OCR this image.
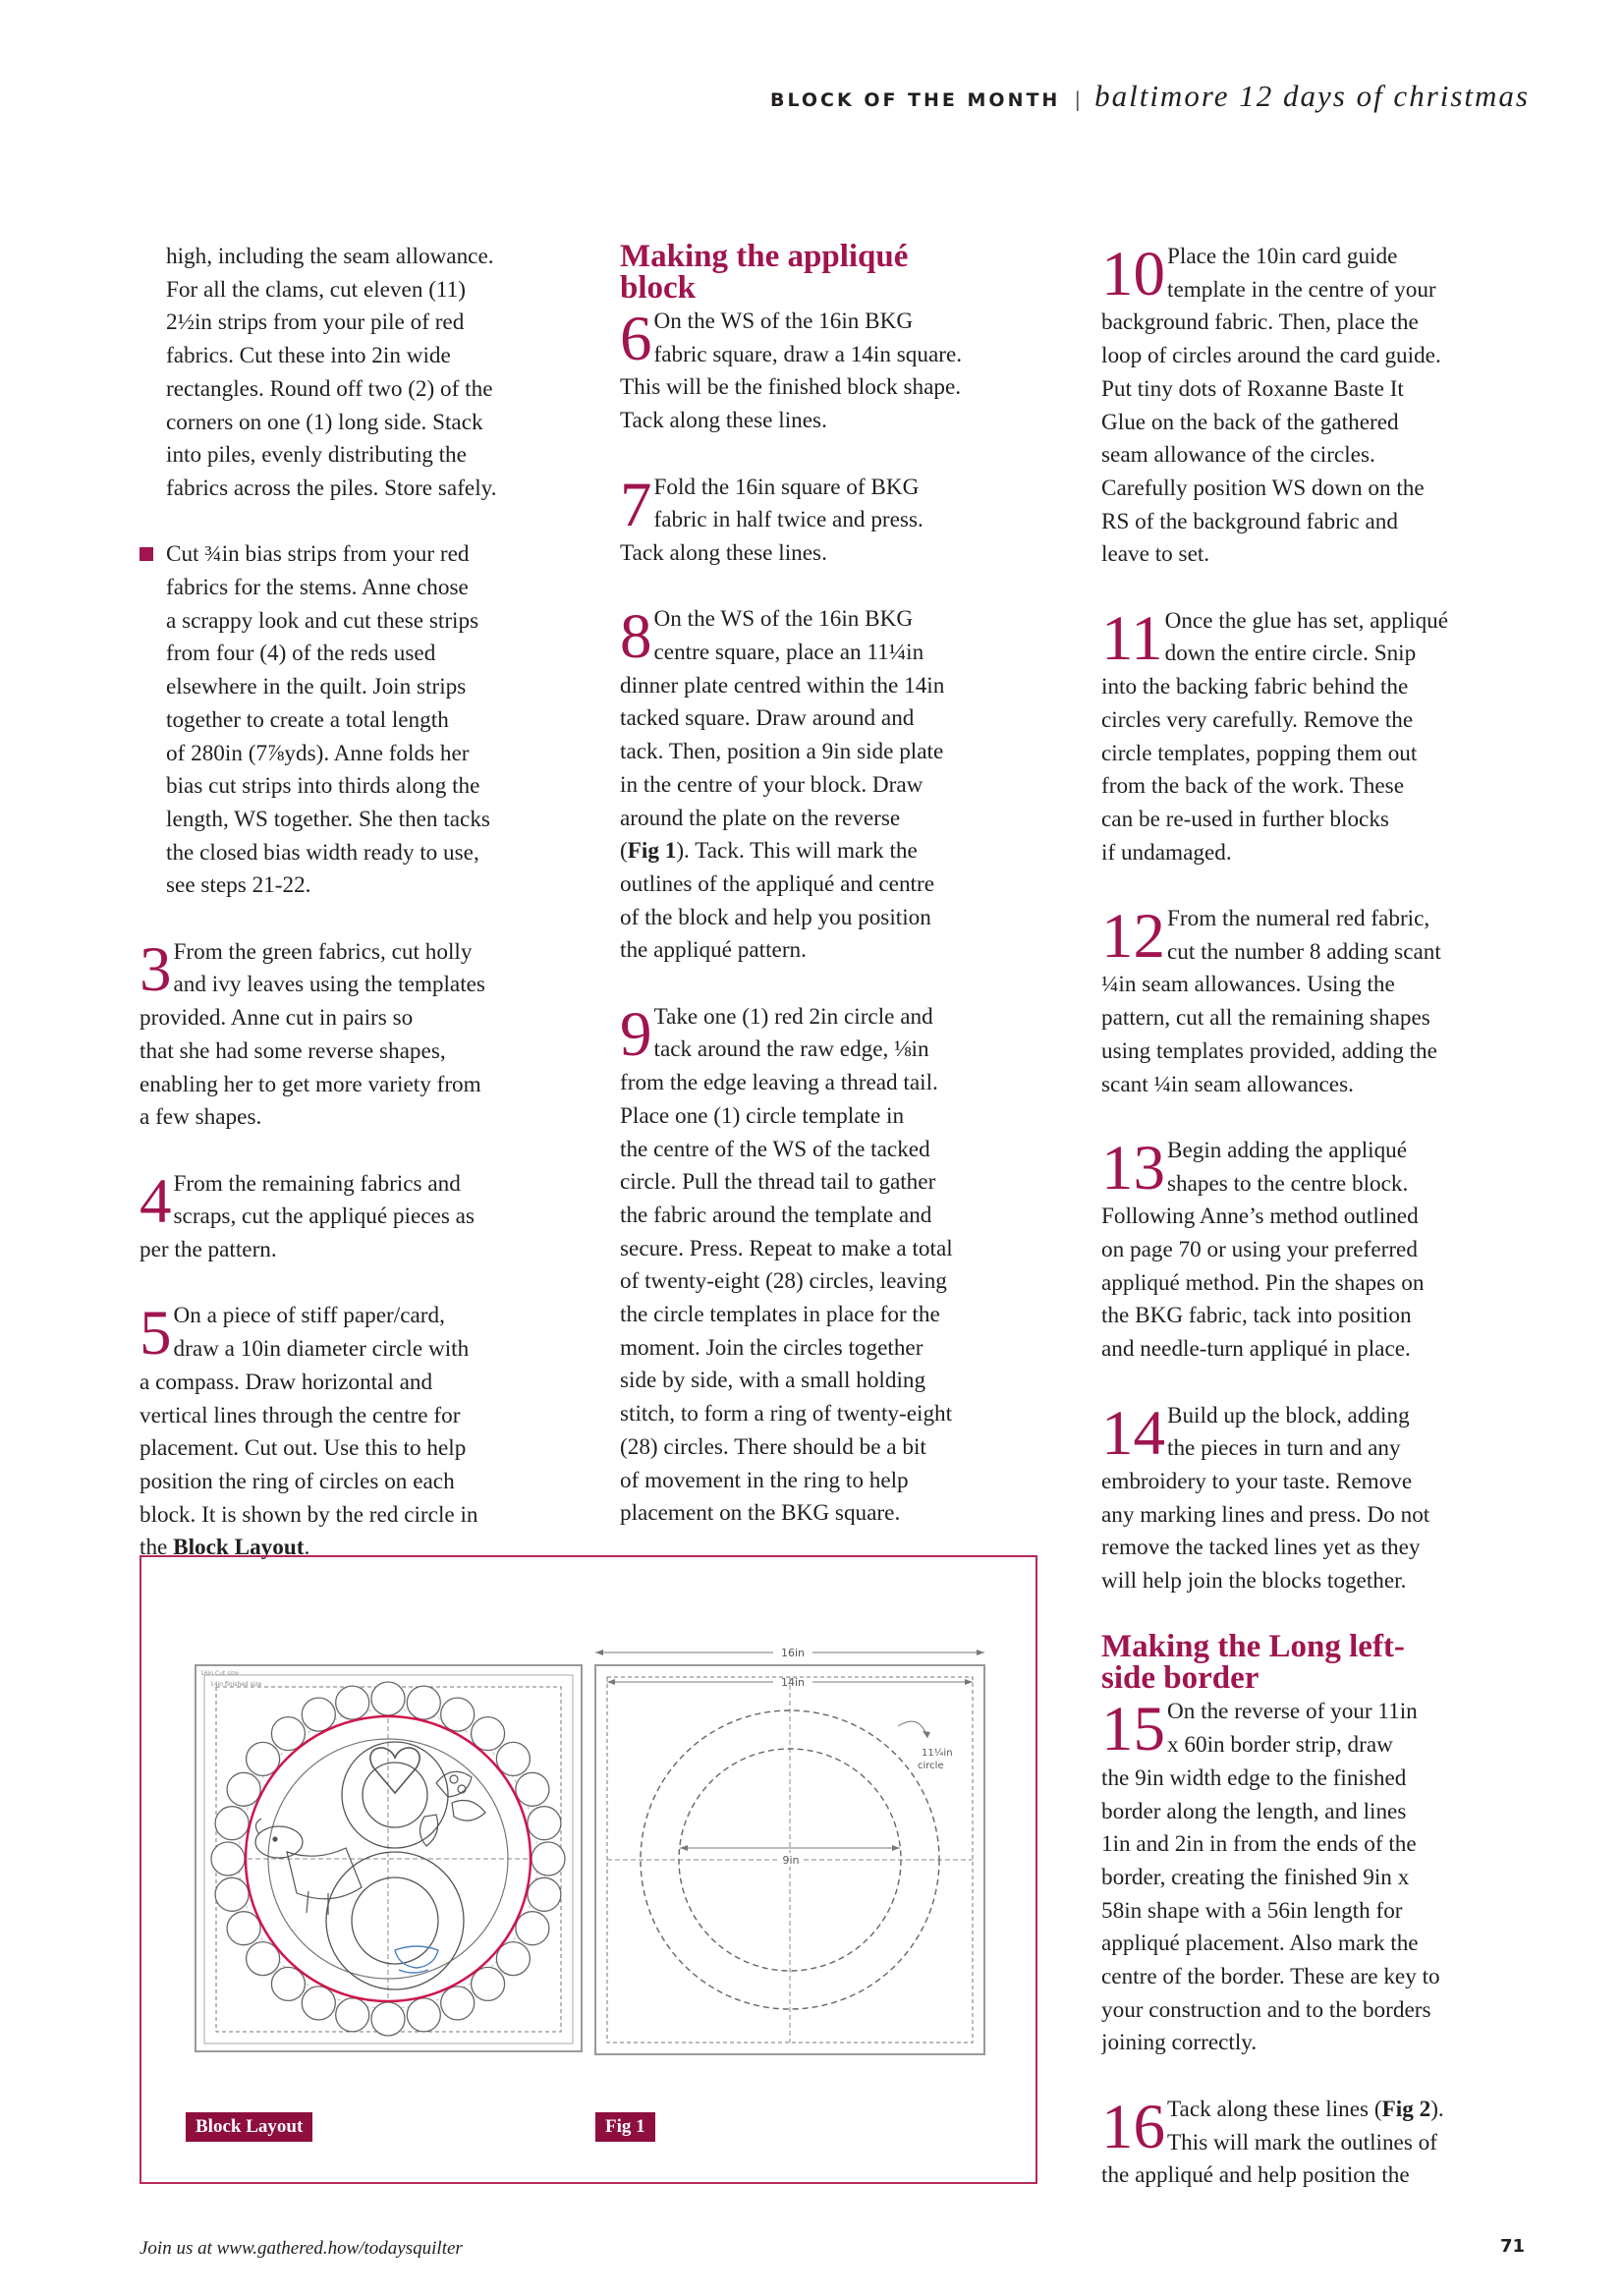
BLOCK OF THE MONTH | baltimore 12 days of christmas

high, including the seam allowance.
For all the clams, cut eleven (11)
2½in strips from your pile of red
fabrics. Cut these into 2in wide
rectangles. Round off two (2) of the
corners on one (1) long side. Stack
into piles, evenly distributing the
fabrics across the piles. Store safely.

Cut ¾in bias strips from your red
fabrics for the stems. Anne chose
a scrappy look and cut these strips
from four (4) of the reds used
elsewhere in the quilt. Join strips
together to create a total length
of 280in (7⅞yds). Anne folds her
bias cut strips into thirds along the
length, WS together. She then tacks
the closed bias width ready to use,
see steps 21-22.

3 From the green fabrics, cut holly
and ivy leaves using the templates
provided. Anne cut in pairs so
that she had some reverse shapes,
enabling her to get more variety from
a few shapes.

4 From the remaining fabrics and
scraps, cut the appliqué pieces as
per the pattern.

5 On a piece of stiff paper/card,
draw a 10in diameter circle with
a compass. Draw horizontal and
vertical lines through the centre for
placement. Cut out. Use this to help
position the ring of circles on each
block. It is shown by the red circle in
the Block Layout.

Making the appliqué
block

6 On the WS of the 16in BKG
fabric square, draw a 14in square.
This will be the finished block shape.
Tack along these lines.

7 Fold the 16in square of BKG
fabric in half twice and press.
Tack along these lines.

8 On the WS of the 16in BKG
centre square, place an 11¼in
dinner plate centred within the 14in
tacked square. Draw around and
tack. Then, position a 9in side plate
in the centre of your block. Draw
around the plate on the reverse
(Fig 1). Tack. This will mark the
outlines of the appliqué and centre
of the block and help you position
the appliqué pattern.

9 Take one (1) red 2in circle and
tack around the raw edge, ⅛in
from the edge leaving a thread tail.
Place one (1) circle template in
the centre of the WS of the tacked
circle. Pull the thread tail to gather
the fabric around the template and
secure. Press. Repeat to make a total
of twenty-eight (28) circles, leaving
the circle templates in place for the
moment. Join the circles together
side by side, with a small holding
stitch, to form a ring of twenty-eight
(28) circles. There should be a bit
of movement in the ring to help
placement on the BKG square.

10 Place the 10in card guide
template in the centre of your
background fabric. Then, place the
loop of circles around the card guide.
Put tiny dots of Roxanne Baste It
Glue on the back of the gathered
seam allowance of the circles.
Carefully position WS down on the
RS of the background fabric and
leave to set.

11 Once the glue has set, appliqué
down the entire circle. Snip
into the backing fabric behind the
circles very carefully. Remove the
circle templates, popping them out
from the back of the work. These
can be re-used in further blocks
if undamaged.

12 From the numeral red fabric,
cut the number 8 adding scant
¼in seam allowances. Using the
pattern, cut all the remaining shapes
using templates provided, adding the
scant ¼in seam allowances.

13 Begin adding the appliqué
shapes to the centre block.
Following Anne’s method outlined
on page 70 or using your preferred
appliqué method. Pin the shapes on
the BKG fabric, tack into position
and needle-turn appliqué in place.

14 Build up the block, adding
the pieces in turn and any
embroidery to your taste. Remove
any marking lines and press. Do not
remove the tacked lines yet as they
will help join the blocks together.

Making the Long left-
side border

15 On the reverse of your 11in
x 60in border strip, draw
the 9in width edge to the finished
border along the length, and lines
1in and 2in in from the ends of the
border, creating the finished 9in x
58in shape with a 56in length for
appliqué placement. Also mark the
centre of the border. These are key to
your construction and to the borders
joining correctly.

16 Tack along these lines (Fig 2).
This will mark the outlines of
the appliqué and help position the

16in Cut size
14in finished size
16in
14in
9in
11¼in
circle
Block Layout	Fig 1
Join us at www.gathered.how/todaysquilter	71
